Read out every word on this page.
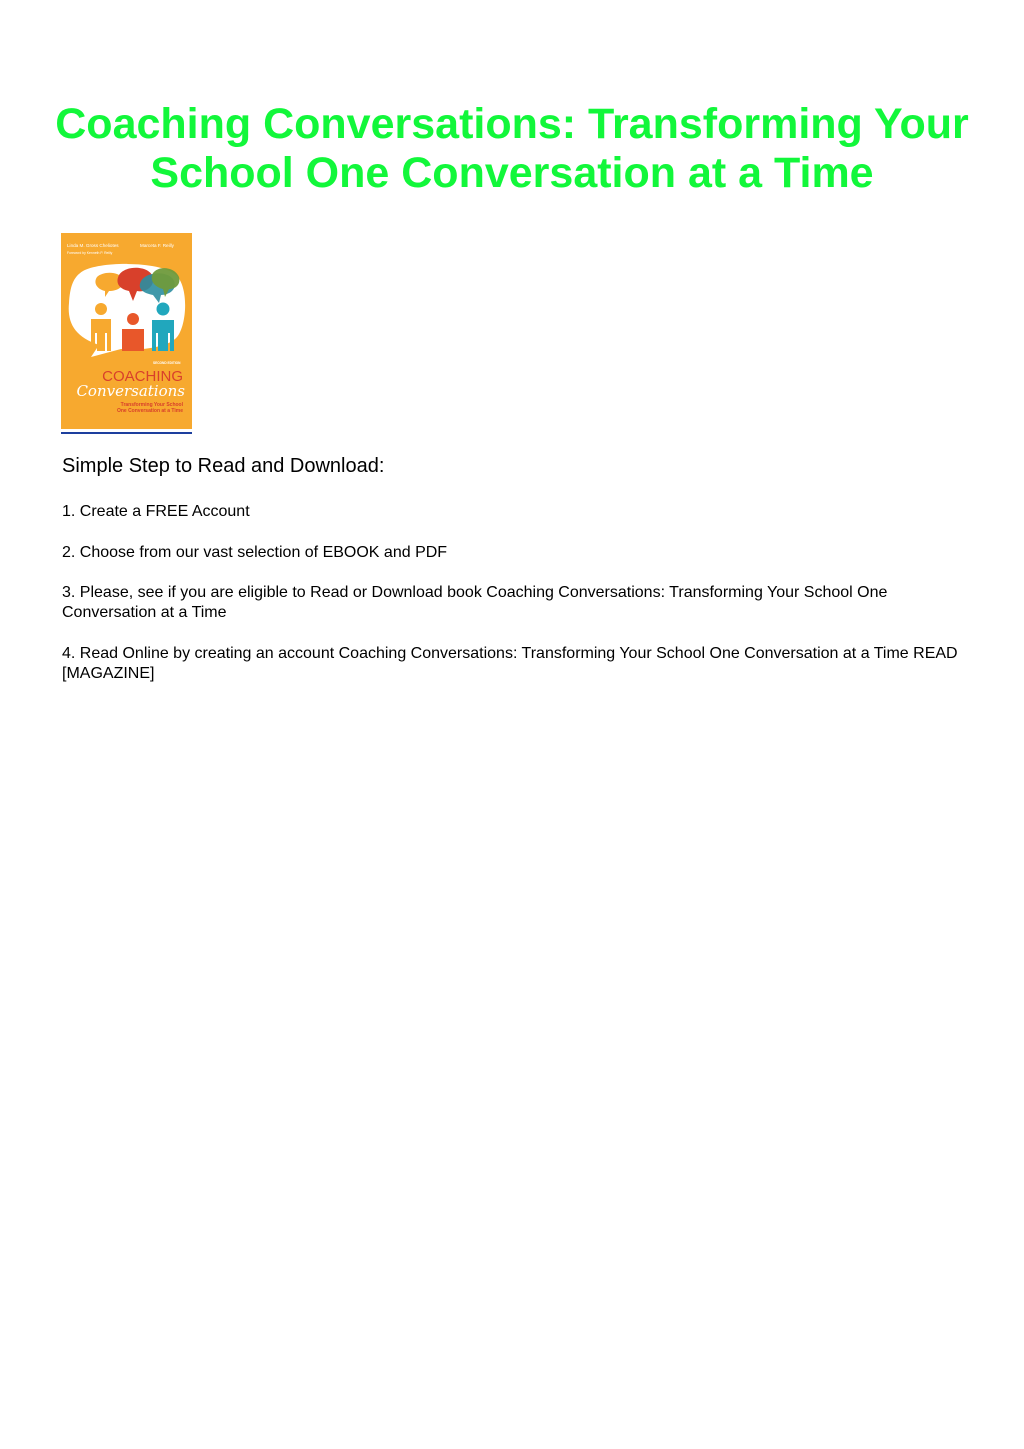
Coaching Conversations: Transforming Your School One Conversation at a Time
Linda M. Gross Cheliotes	Marceta F. Reilly
Foreword by Kenneth P. Reilly
SECOND EDITION
COACHING
Conversations
Transforming Your School
One Conversation at a Time
Simple Step to Read and Download:

1. Create a FREE Account

2. Choose from our vast selection of EBOOK and PDF

3. Please, see if you are eligible to Read or Download book Coaching Conversations: Transforming Your School One Conversation at a Time

4. Read Online by creating an account Coaching Conversations: Transforming Your School One Conversation at a Time READ [MAGAZINE]
